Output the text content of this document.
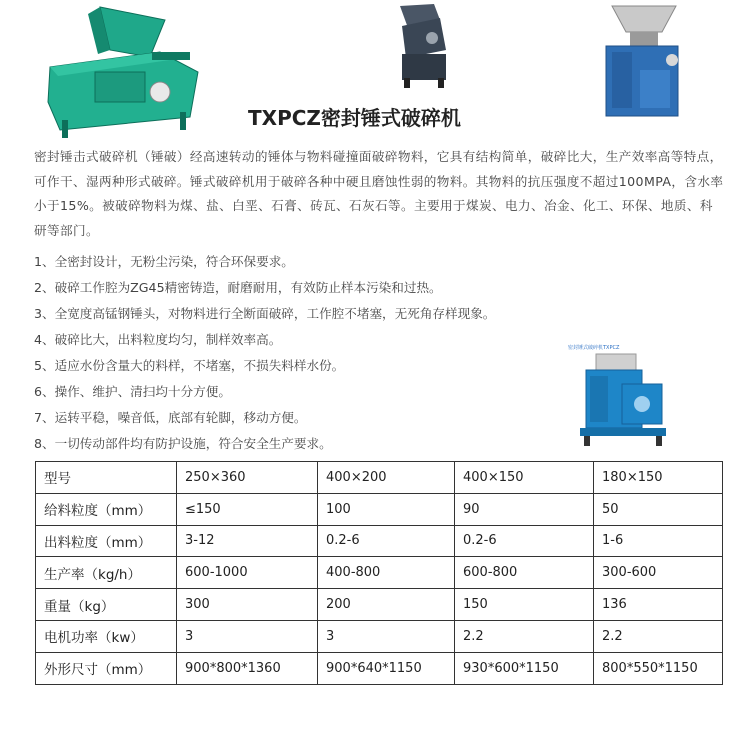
TXPCZ密封锤式破碎机
密封锤击式破碎机（锤破）经高速转动的锤体与物料碰撞面破碎物料，它具有结构简单，破碎比大，生产效率高等特点，可作干、湿两种形式破碎。锤式破碎机用于破碎各种中硬且磨蚀性弱的物料。其物料的抗压强度不超过100MPA，含水率小于15%。被破碎物料为煤、盐、白垩、石膏、砖瓦、石灰石等。主要用于煤炭、电力、冶金、化工、环保、地质、科研等部门。
1、全密封设计，无粉尘污染，符合环保要求。
2、破碎工作腔为ZG45精密铸造，耐磨耐用，有效防止样本污染和过热。
3、全宽度高锰钢锤头，对物料进行全断面破碎，工作腔不堵塞，无死角存样现象。
4、破碎比大，出料粒度均匀，制样效率高。
5、适应水份含量大的料样，不堵塞，不损失料样水份。
6、操作、维护、清扫均十分方便。
7、运转平稳，噪音低，底部有轮脚，移动方便。
8、一切传动部件均有防护设施，符合安全生产要求。
密封锤式破碎机TXPCZ
型号	250×360	400×200	400×150	180×150
给料粒度（mm）	≤150	100	90	50
出料粒度（mm）	3-12	0.2-6	0.2-6	1-6
生产率（kg/h）	600-1000	400-800	600-800	300-600
重量（kg）	300	200	150	136
电机功率（kw）	3	3	2.2	2.2
外形尺寸（mm）	900*800*1360	900*640*1150	930*600*1150	800*550*1150
